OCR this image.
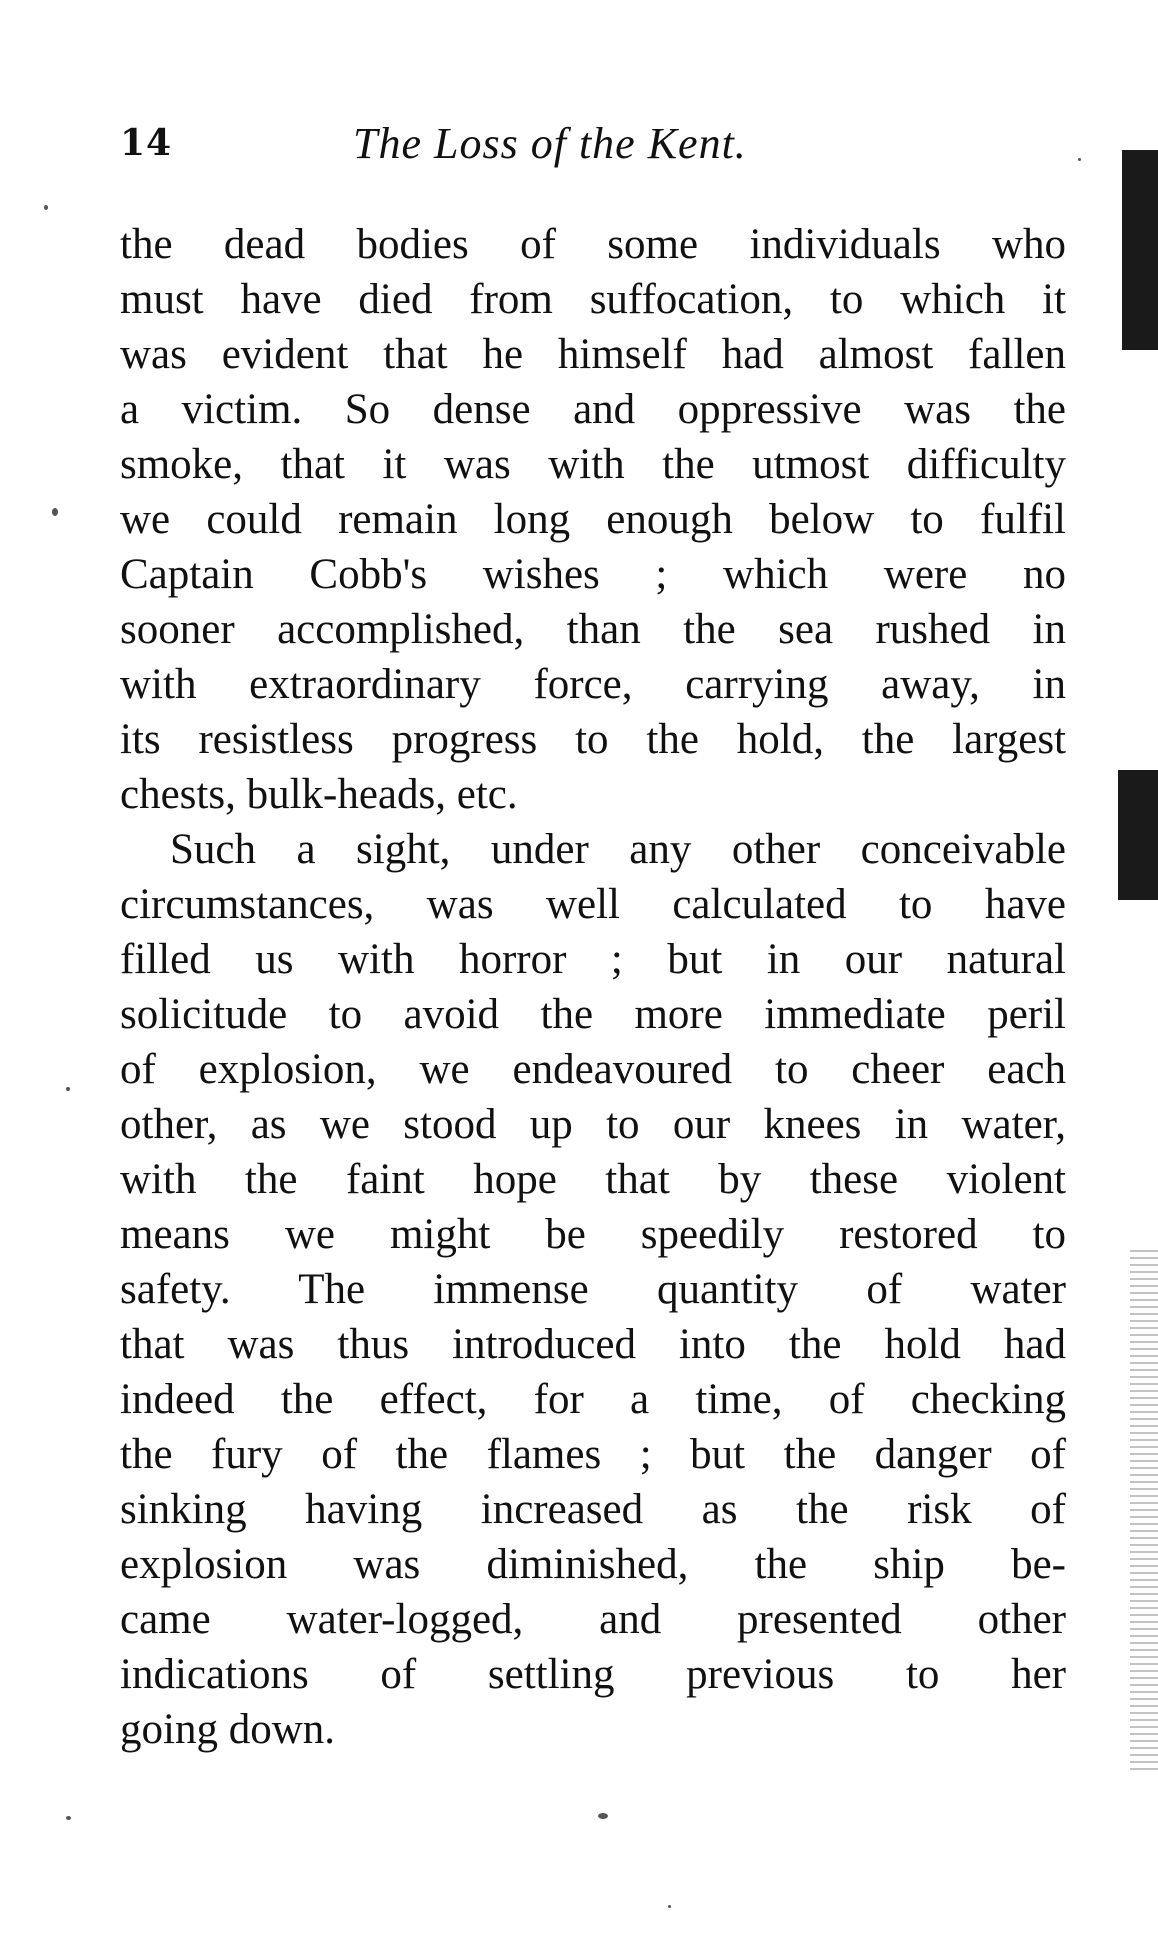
14	The Loss of the Kent.
the dead bodies of some individuals who
must have died from suffocation, to which it
was evident that he himself had almost fallen
a victim. So dense and oppressive was the
smoke, that it was with the utmost difficulty
we could remain long enough below to fulfil
Captain Cobb's wishes ; which were no
sooner accomplished, than the sea rushed in
with extraordinary force, carrying away, in
its resistless progress to the hold, the largest
chests, bulk-heads, etc.
Such a sight, under any other conceivable
circumstances, was well calculated to have
filled us with horror ; but in our natural
solicitude to avoid the more immediate peril
of explosion, we endeavoured to cheer each
other, as we stood up to our knees in water,
with the faint hope that by these violent
means we might be speedily restored to
safety. The immense quantity of water
that was thus introduced into the hold had
indeed the effect, for a time, of checking
the fury of the flames ; but the danger of
sinking having increased as the risk of
explosion was diminished, the ship be-
came water-logged, and presented other
indications of settling previous to her
going down.
